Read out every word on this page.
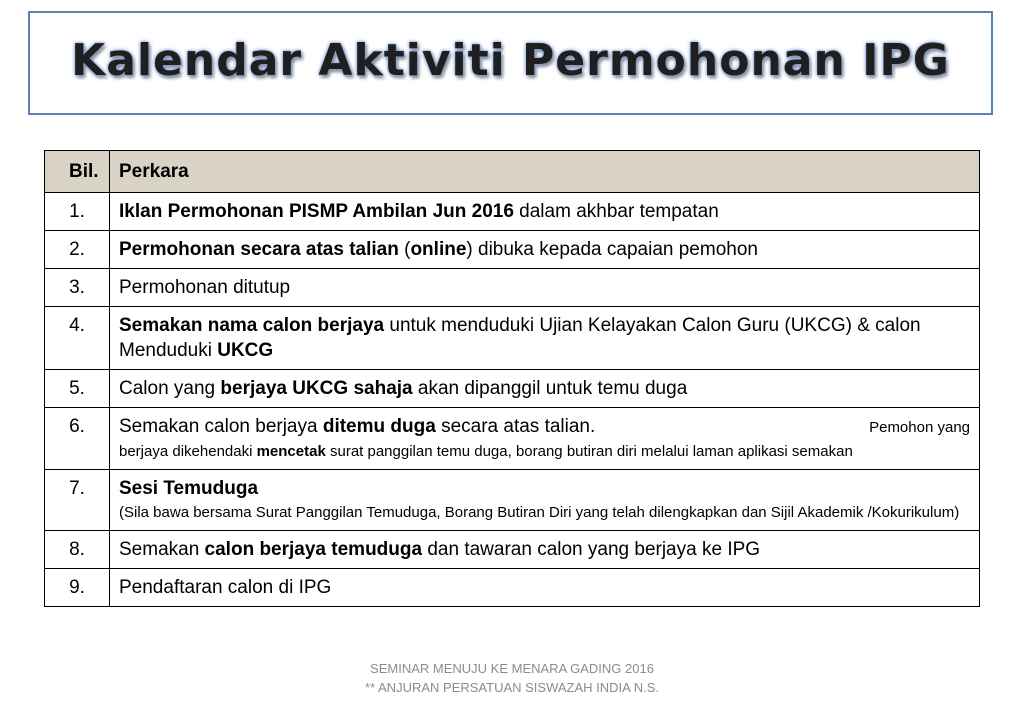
Kalendar Aktiviti Permohonan IPG
Bil.	Perkara
1.	Iklan Permohonan PISMP Ambilan Jun 2016 dalam akhbar tempatan
2.	Permohonan secara atas talian (online) dibuka kepada capaian pemohon
3.	Permohonan ditutup
4.	Semakan nama calon berjaya untuk menduduki Ujian Kelayakan Calon Guru (UKCG) & calon Menduduki UKCG
5.	Calon yang berjaya UKCG sahaja akan dipanggil untuk temu duga
6.	Semakan calon berjaya ditemu duga secara atas talian. Pemohon yang
berjaya dikehendaki mencetak surat panggilan temu duga, borang butiran diri melalui laman aplikasi semakan

7.	Sesi Temuduga
(Sila bawa bersama Surat Panggilan Temuduga, Borang Butiran Diri yang telah dilengkapkan dan Sijil Akademik /Kokurikulum)

8.	Semakan calon berjaya temuduga dan tawaran calon yang berjaya ke IPG
9.	Pendaftaran calon di IPG
SEMINAR MENUJU KE MENARA GADING 2016
** ANJURAN PERSATUAN SISWAZAH INDIA N.S.
